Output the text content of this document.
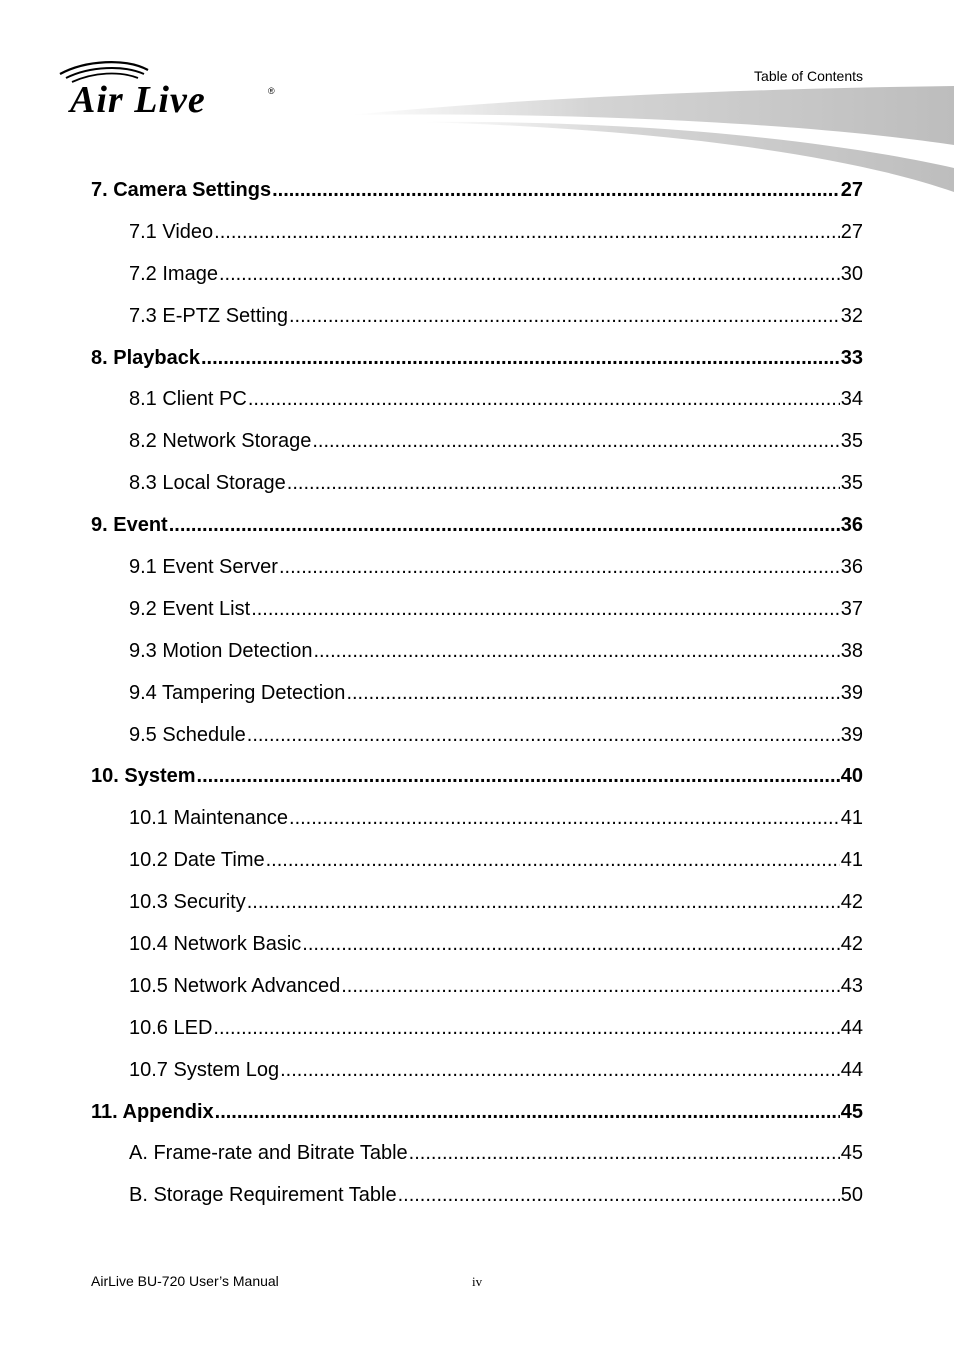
Air Live	®
Table of Contents
7. Camera Settings .....	27
7.1 Video .....	27
7.2 Image .....	30
7.3 E-PTZ Setting .....	32
8. Playback .....	33
8.1 Client PC .....	34
8.2 Network Storage .....	35
8.3 Local Storage .....	35
9. Event .....	36
9.1 Event Server .....	36
9.2 Event List .....	37
9.3 Motion Detection .....	38
9.4 Tampering Detection .....	39
9.5 Schedule .....	39
10. System .....	40
10.1 Maintenance .....	41
10.2 Date Time .....	41
10.3 Security .....	42
10.4 Network Basic .....	42
10.5 Network Advanced .....	43
10.6 LED .....	44
10.7 System Log .....	44
11. Appendix .....	45
A. Frame-rate and Bitrate Table .....	45
B. Storage Requirement Table .....	50
AirLive BU-720 User’s Manual	iv
